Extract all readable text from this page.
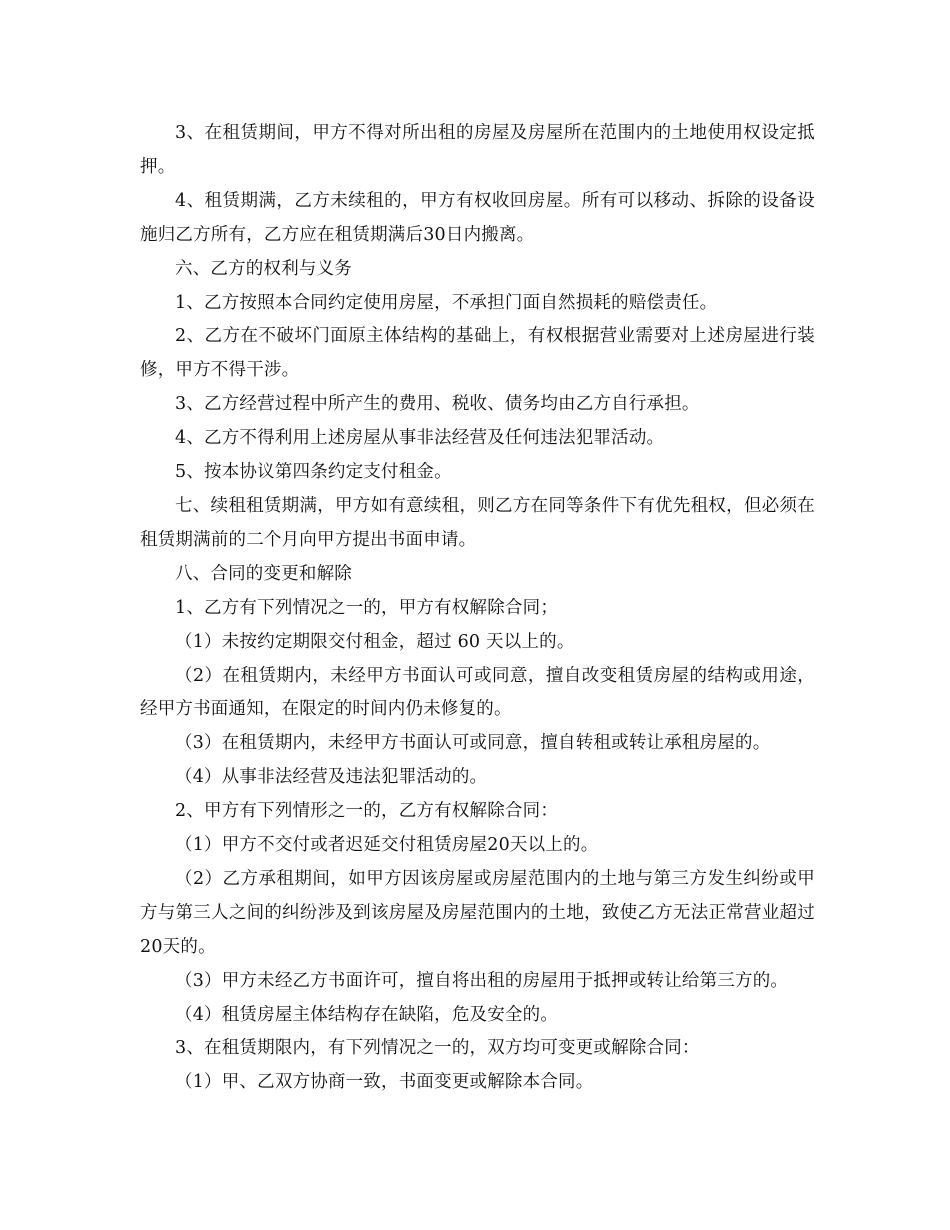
3、在租赁期间，甲方不得对所出租的房屋及房屋所在范围内的土地使用权设定抵押。

4、租赁期满，乙方未续租的，甲方有权收回房屋。所有可以移动、拆除的设备设施归乙方所有，乙方应在租赁期满后30日内搬离。

六、乙方的权利与义务

1、乙方按照本合同约定使用房屋，不承担门面自然损耗的赔偿责任。

2、乙方在不破坏门面原主体结构的基础上，有权根据营业需要对上述房屋进行装修，甲方不得干涉。

3、乙方经营过程中所产生的费用、税收、债务均由乙方自行承担。

4、乙方不得利用上述房屋从事非法经营及任何违法犯罪活动。

5、按本协议第四条约定支付租金。

七、续租租赁期满，甲方如有意续租，则乙方在同等条件下有优先租权，但必须在租赁期满前的二个月向甲方提出书面申请。

八、合同的变更和解除

1、乙方有下列情况之一的，甲方有权解除合同；

（1）未按约定期限交付租金，超过 60 天以上的。

（2）在租赁期内，未经甲方书面认可或同意，擅自改变租赁房屋的结构或用途，经甲方书面通知，在限定的时间内仍未修复的。

（3）在租赁期内，未经甲方书面认可或同意，擅自转租或转让承租房屋的。

（4）从事非法经营及违法犯罪活动的。

2、甲方有下列情形之一的，乙方有权解除合同：

（1）甲方不交付或者迟延交付租赁房屋20天以上的。

（2）乙方承租期间，如甲方因该房屋或房屋范围内的土地与第三方发生纠纷或甲方与第三人之间的纠纷涉及到该房屋及房屋范围内的土地，致使乙方无法正常营业超过20天的。

（3）甲方未经乙方书面许可，擅自将出租的房屋用于抵押或转让给第三方的。

（4）租赁房屋主体结构存在缺陷，危及安全的。

3、在租赁期限内，有下列情况之一的，双方均可变更或解除合同：

（1）甲、乙双方协商一致，书面变更或解除本合同。
